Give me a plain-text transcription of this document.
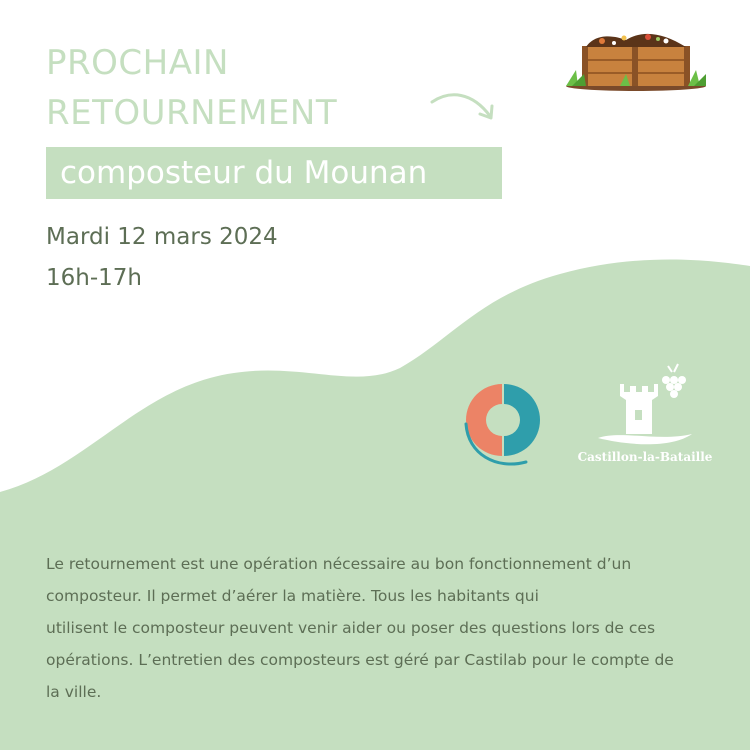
PROCHAIN
RETOURNEMENT
composteur du Mounan
Mardi 12 mars 2024
16h-17h
Castillon-la-Bataille

Le retournement est une opération nécessaire au bon fonctionnement d’un

composteur. Il permet d’aérer la matière. Tous les habitants qui

utilisent le composteur peuvent venir aider ou poser des questions lors de ces

opérations. L’entretien des composteurs est géré par Castilab pour le compte de

la ville.
